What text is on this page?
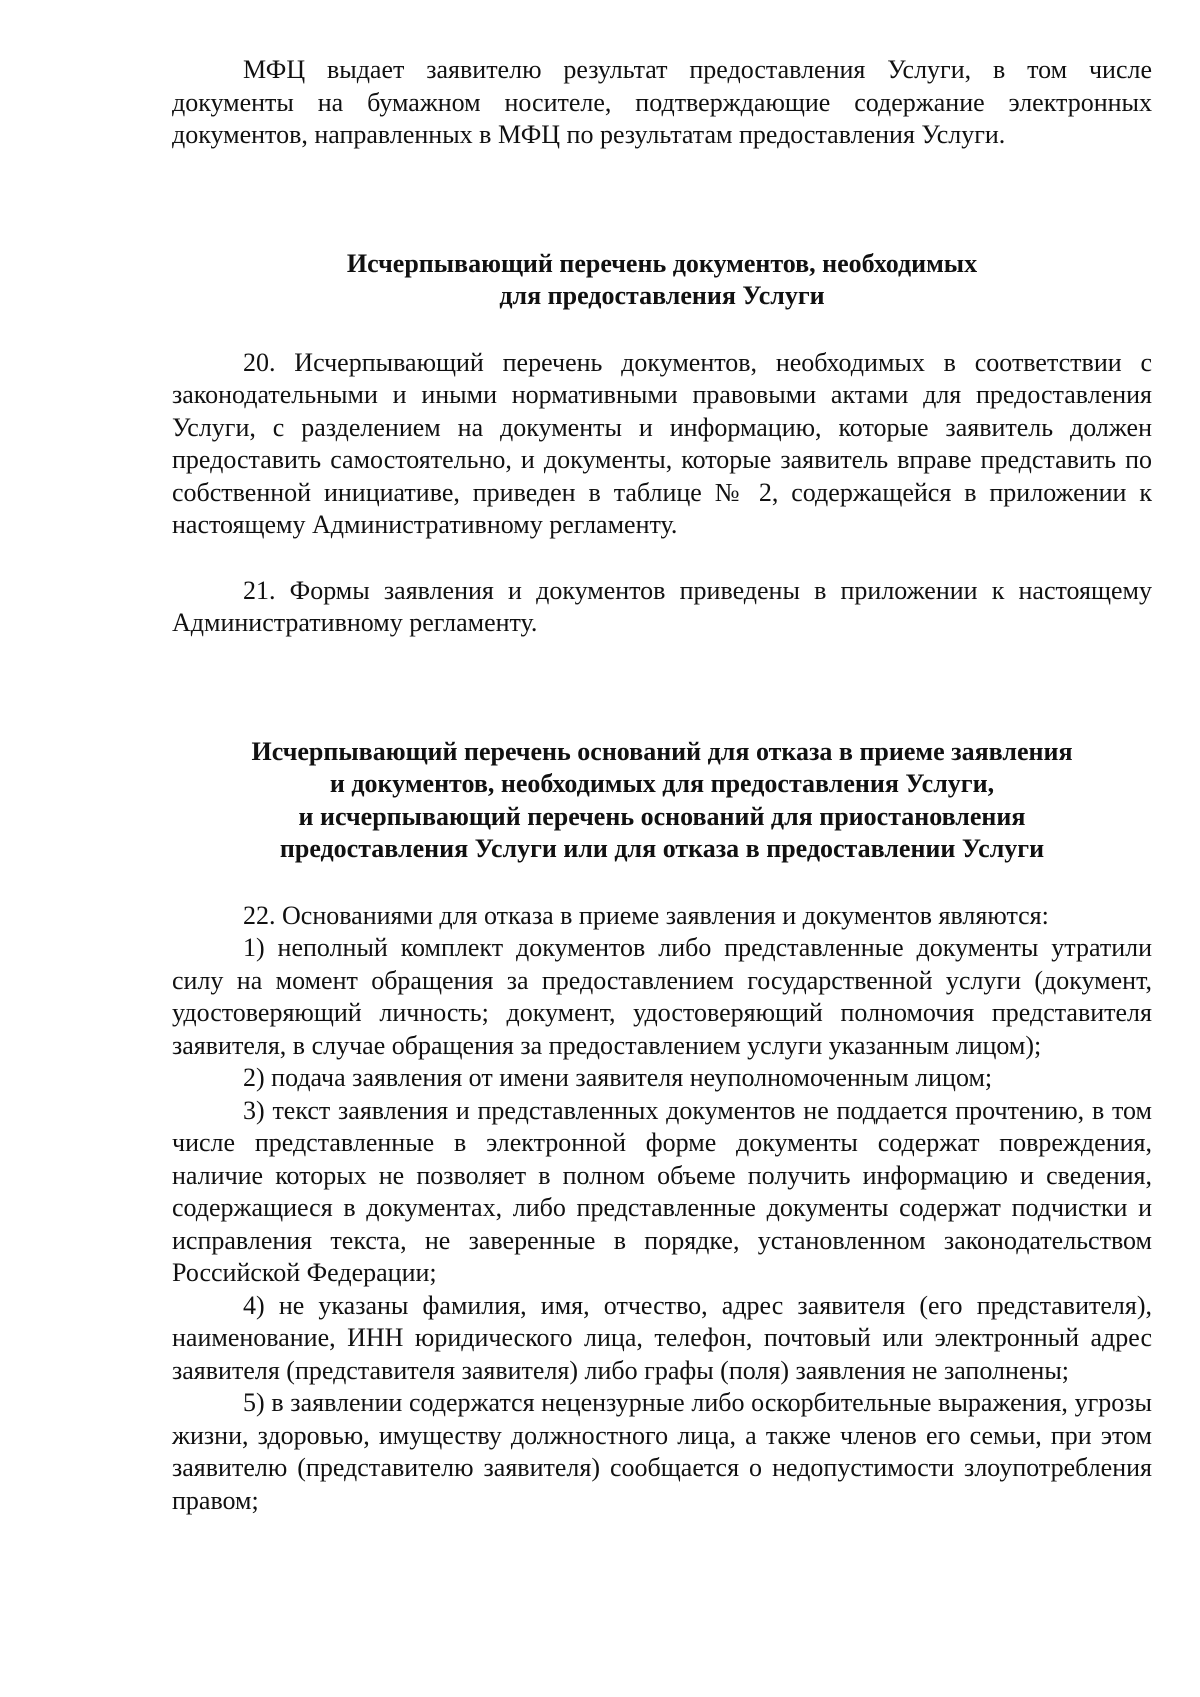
МФЦ выдает заявителю результат предоставления Услуги, в том числе документы на бумажном носителе, подтверждающие содержание электронных документов, направленных в МФЦ по результатам предоставления Услуги.

Исчерпывающий перечень документов, необходимых
для предоставления Услуги

20. Исчерпывающий перечень документов, необходимых в соответствии с законодательными и иными нормативными правовыми актами для предоставления Услуги, с разделением на документы и информацию, которые заявитель должен предоставить самостоятельно, и документы, которые заявитель вправе представить по собственной инициативе, приведен в таблице № 2, содержащейся в приложении к настоящему Административному регламенту.

21. Формы заявления и документов приведены в приложении к настоящему Административному регламенту.

Исчерпывающий перечень оснований для отказа в приеме заявления
и документов, необходимых для предоставления Услуги,
и исчерпывающий перечень оснований для приостановления
предоставления Услуги или для отказа в предоставлении Услуги

22. Основаниями для отказа в приеме заявления и документов являются:

1) неполный комплект документов либо представленные документы утратили силу на момент обращения за предоставлением государственной услуги (документ, удостоверяющий личность; документ, удостоверяющий полномочия представителя заявителя, в случае обращения за предоставлением услуги указанным лицом);

2) подача заявления от имени заявителя неуполномоченным лицом;

3) текст заявления и представленных документов не поддается прочтению, в том числе представленные в электронной форме документы содержат повреждения, наличие которых не позволяет в полном объеме получить информацию и сведения, содержащиеся в документах, либо представленные документы содержат подчистки и исправления текста, не заверенные в порядке, установленном законодательством Российской Федерации;

4) не указаны фамилия, имя, отчество, адрес заявителя (его представителя), наименование, ИНН юридического лица, телефон, почтовый или электронный адрес заявителя (представителя заявителя) либо графы (поля) заявления не заполнены;

5) в заявлении содержатся нецензурные либо оскорбительные выражения, угрозы жизни, здоровью, имуществу должностного лица, а также членов его семьи, при этом заявителю (представителю заявителя) сообщается о недопустимости злоупотребления правом;
